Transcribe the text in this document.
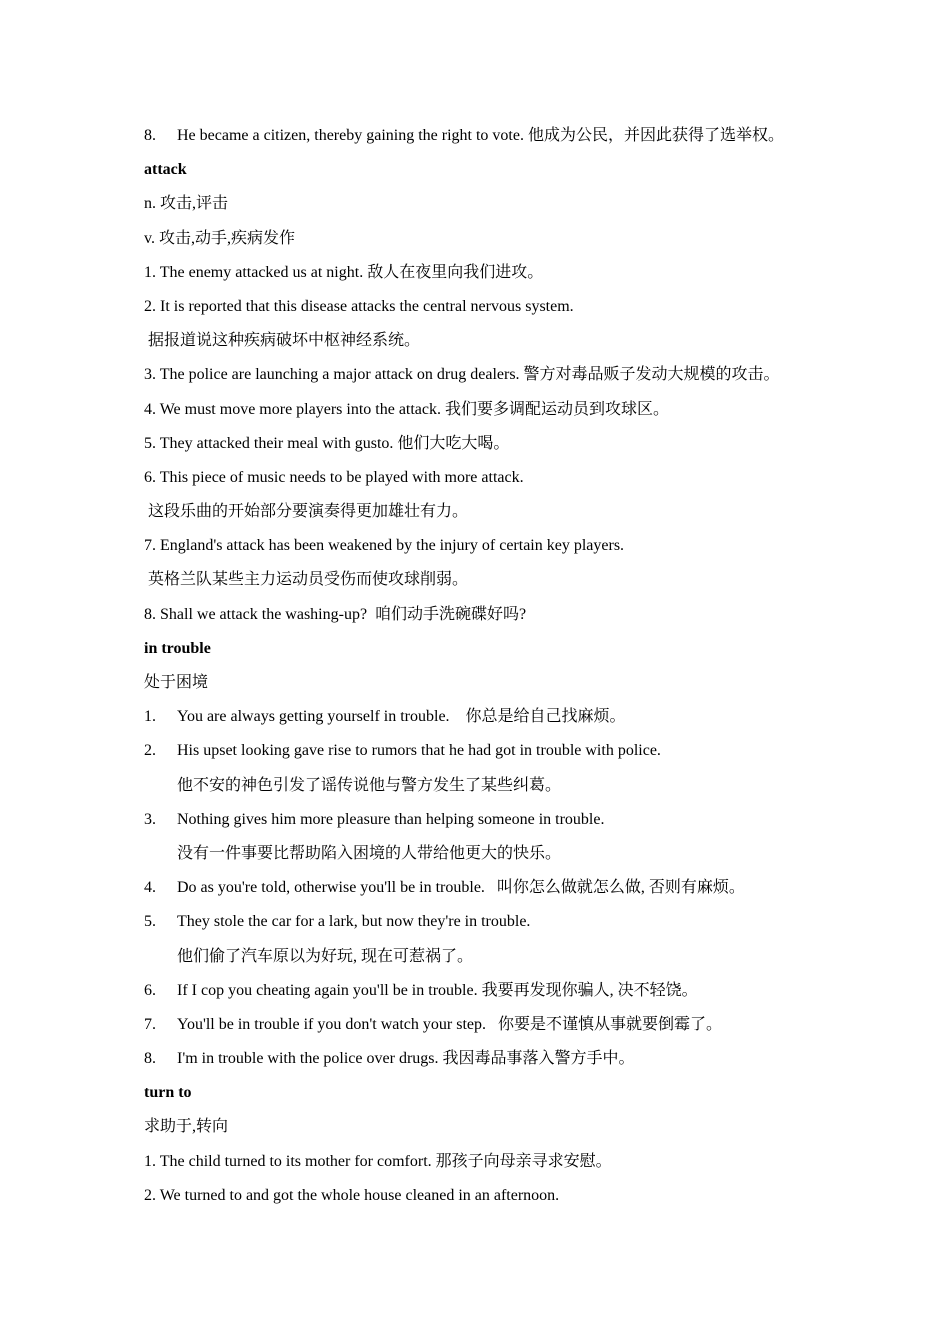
8. He became a citizen, thereby gaining the right to vote. 他成为公民，并因此获得了选举权。
attack
n. 攻击,评击
v. 攻击,动手,疾病发作
1. The enemy attacked us at night. 敌人在夜里向我们进攻。
2. It is reported that this disease attacks the central nervous system.
据报道说这种疾病破坏中枢神经系统。
3. The police are launching a major attack on drug dealers. 警方对毒品贩子发动大规模的攻击。
4. We must move more players into the attack. 我们要多调配运动员到攻球区。
5. They attacked their meal with gusto. 他们大吃大喝。
6. This piece of music needs to be played with more attack.
这段乐曲的开始部分要演奏得更加雄壮有力。
7. England's attack has been weakened by the injury of certain key players.
英格兰队某些主力运动员受伤而使攻球削弱。
8. Shall we attack the washing-up?  咱们动手洗碗碟好吗?
in trouble
处于困境
1. You are always getting yourself in trouble.    你总是给自己找麻烦。
2. His upset looking gave rise to rumors that he had got in trouble with police.
他不安的神色引发了谣传说他与警方发生了某些纠葛。
3. Nothing gives him more pleasure than helping someone in trouble.
没有一件事要比帮助陷入困境的人带给他更大的快乐。
4. Do as you're told, otherwise you'll be in trouble.   叫你怎么做就怎么做, 否则有麻烦。
5. They stole the car for a lark, but now they're in trouble.
他们偷了汽车原以为好玩, 现在可惹祸了。
6. If I cop you cheating again you'll be in trouble. 我要再发现你骗人, 决不轻饶。
7. You'll be in trouble if you don't watch your step.   你要是不谨慎从事就要倒霉了。
8. I'm in trouble with the police over drugs. 我因毒品事落入警方手中。
turn to
求助于,转向
1. The child turned to its mother for comfort. 那孩子向母亲寻求安慰。
2. We turned to and got the whole house cleaned in an afternoon.
